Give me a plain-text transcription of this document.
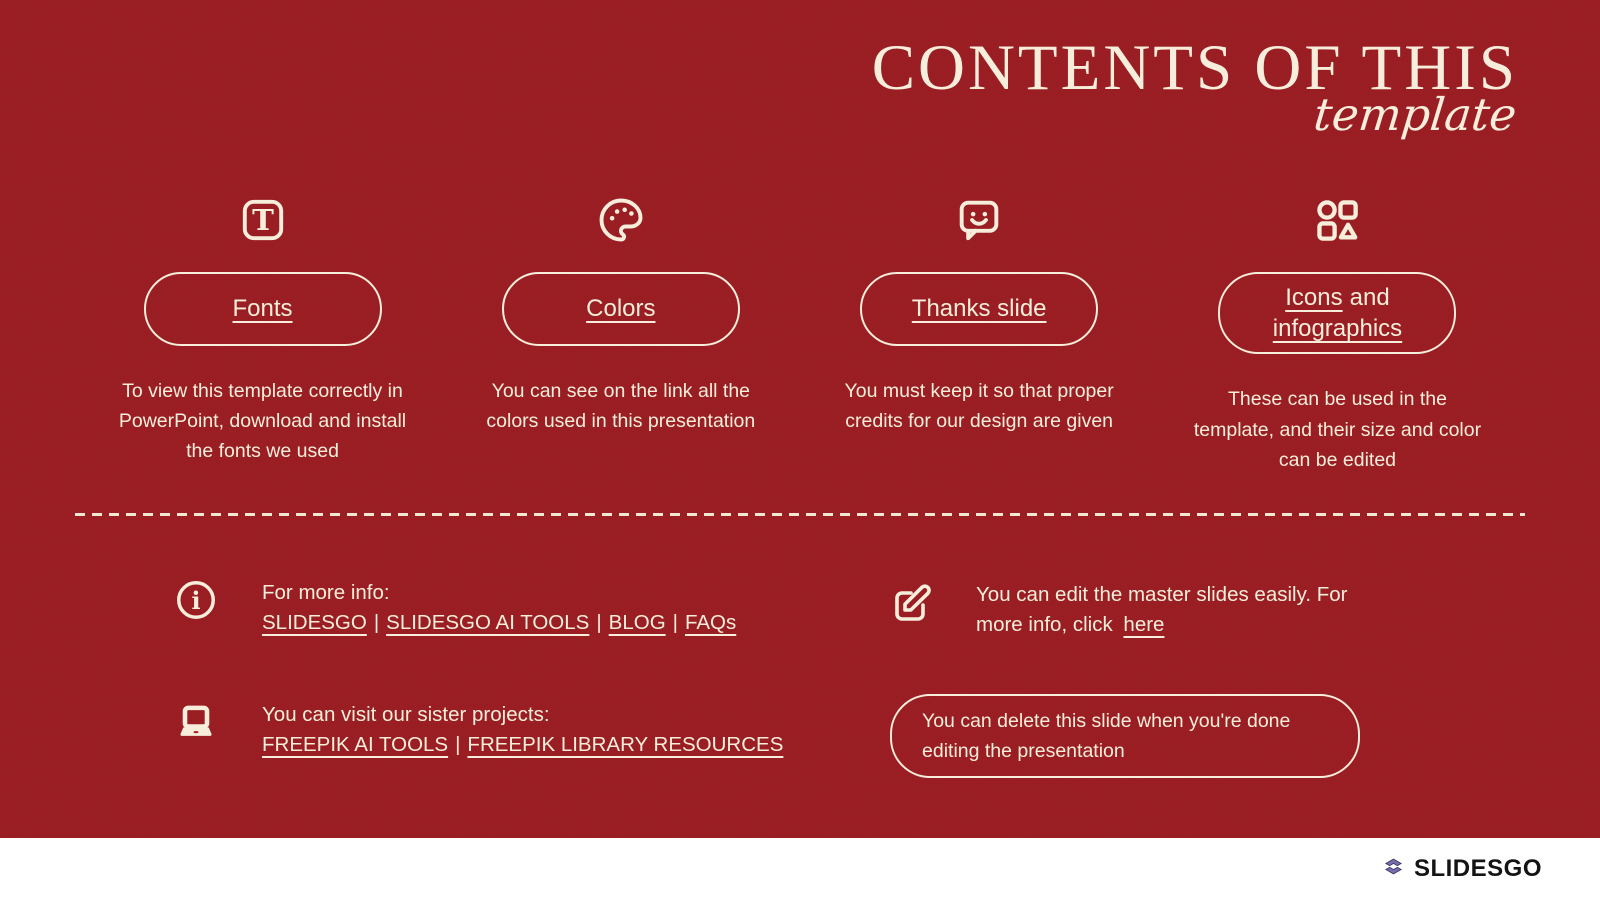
CONTENTS OF THIS
template
T
Fonts
To view this template correctly in PowerPoint, download and install the fonts we used
Colors
You can see on the link all the colors used in this presentation
Thanks slide
You must keep it so that proper credits for our design are given
Icons and
infographics
These can be used in the template, and their size and color can be edited
i	For more info:
SLIDESGO | SLIDESGO AI TOOLS | BLOG | FAQs
You can visit our sister projects:
FREEPIK AI TOOLS | FREEPIK LIBRARY RESOURCES
You can edit the master slides easily. For more info, click here
You can delete this slide when you're done editing the presentation
SLIDESGO
